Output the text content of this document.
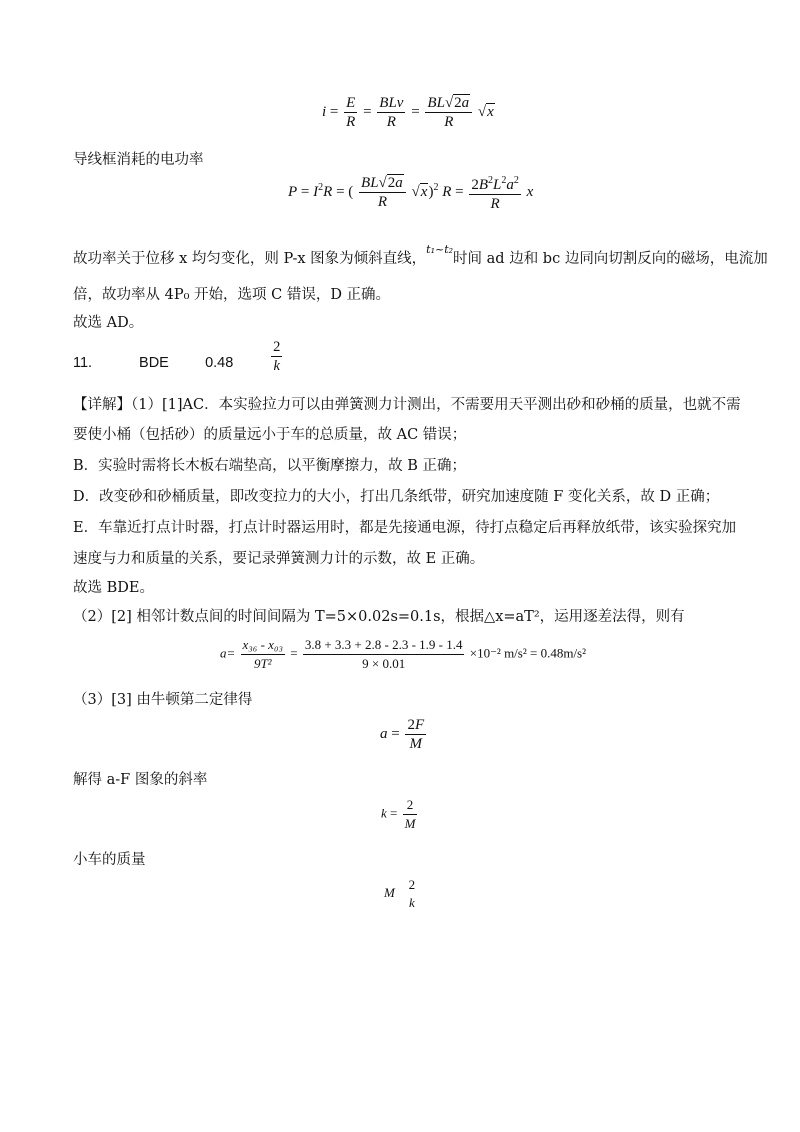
$i = \frac{E}{R} = \frac{\text{BLv}}{R} = \frac{BL√2a}{R} √x$
导线框消耗的电功率
$P = I^2R$ = ( $\frac{BL√2a}{R} √x)^2$ $R = \frac{2B^2L^2a^2}{R}$ x
故功率关于位移 x 均匀变化，则 P-x 图象为倾斜直线，$^{t_1\sim t_2}$时间 ad 边和 bc 边同向切割反向的磁场，电流加
倍，故功率从 4P₀ 开始，选项 C 错误，D 正确。
故选 AD。
11.	BDE 0.48	$\frac{2}{k}$
【详解】（1）[1]AC．本实验拉力可以由弹簧测力计测出，不需要用天平测出砂和砂桶的质量，也就不需
要使小桶（包括砂）的质量远小于车的总质量，故 AC 错误；
B．实验时需将长木板右端垫高，以平衡摩擦力，故 B 正确；
D．改变砂和砂桶质量，即改变拉力的大小，打出几条纸带，研究加速度随 F 变化关系，故 D 正确；
E．车靠近打点计时器，打点计时器运用时，都是先接通电源，待打点稳定后再释放纸带，该实验探究加
速度与力和质量的关系，要记录弹簧测力计的示数，故 E 正确。
故选 BDE。
（2）[2] 相邻计数点间的时间间隔为 T=5×0.02s=0.1s，根据△x=aT²，运用逐差法得，则有
$a= \frac{\text{x₃₆ - x₀₃}}{\text{9T²}} = \frac{3.8 + 3.3 + 2.8 - 2.3 - 1.9 - 1.4}{9 \times 0.01} \times 10^{-2}$ m/s² = 0.48m/s²
（3）[3] 由牛顿第二定律得
$a = \frac{2F}{M}$
解得 a-F 图象的斜率
$k = \frac{2}{M}$
小车的质量
M
2
k
